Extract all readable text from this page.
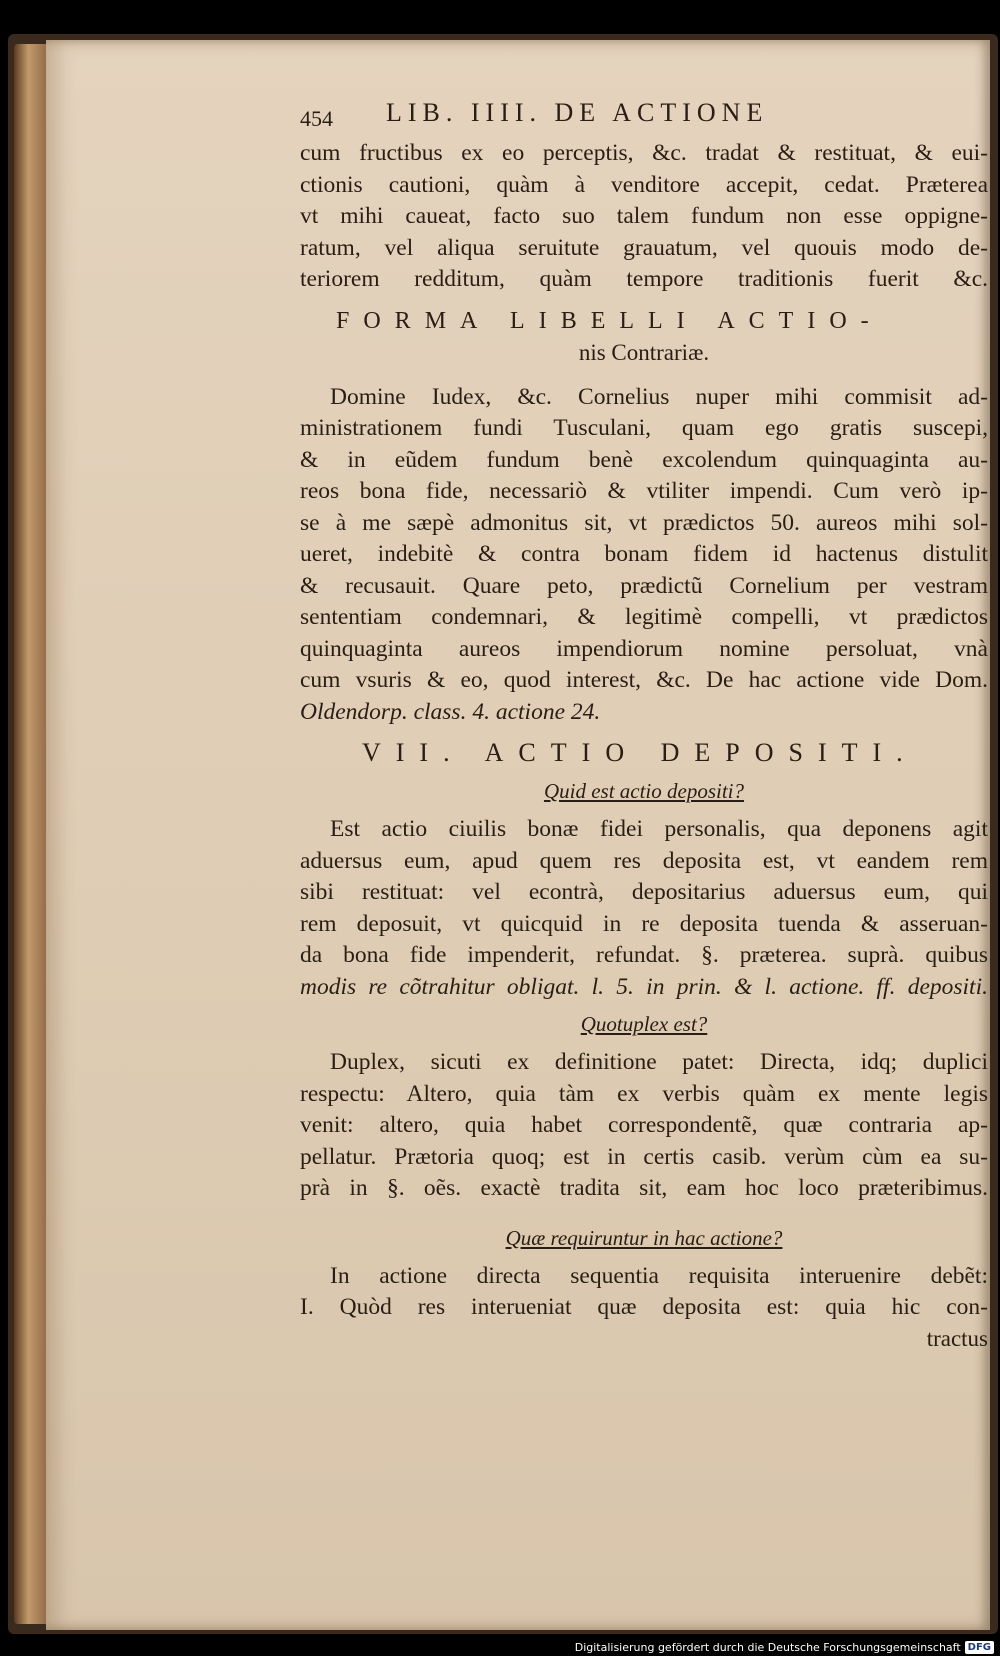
454 LIB. IIII. DE ACTIONE
cum fructibus ex eo perceptis, &c. tradat & restituat, & eui-
ctionis cautioni, quàm à venditore accepit, cedat. Præterea
vt mihi caueat, facto suo talem fundum non esse oppigne-
ratum, vel aliqua seruitute grauatum, vel quouis modo de-
teriorem redditum, quàm tempore traditionis fuerit &c.
FORMA LIBELLI ACTIO-
nis Contrariæ.
Domine Iudex, &c. Cornelius nuper mihi commisit ad-
ministrationem fundi Tusculani, quam ego gratis suscepi,
& in eũdem fundum benè excolendum quinquaginta au-
reos bona fide, necessariò & vtiliter impendi. Cum verò ip-
se à me sæpè admonitus sit, vt prædictos 50. aureos mihi sol-
ueret, indebitè & contra bonam fidem id hactenus distulit
& recusauit. Quare peto, prædictũ Cornelium per vestram
sententiam condemnari, & legitimè compelli, vt prædictos
quinquaginta aureos impendiorum nomine persoluat, vnà
cum vsuris & eo, quod interest, &c. De hac actione vide Dom.
Oldendorp. class. 4. actione 24.
VII. ACTIO DEPOSITI.
Quid est actio depositi?
Est actio ciuilis bonæ fidei personalis, qua deponens agit
aduersus eum, apud quem res deposita est, vt eandem rem
sibi restituat: vel econtrà, depositarius aduersus eum, qui
rem deposuit, vt quicquid in re deposita tuenda & asseruan-
da bona fide impenderit, refundat. §. præterea. suprà. quibus
modis re cõtrahitur obligat. l. 5. in prin. & l. actione. ff. depositi.
Quotuplex est?
Duplex, sicuti ex definitione patet: Directa, idq; duplici
respectu: Altero, quia tàm ex verbis quàm ex mente legis
venit: altero, quia habet correspondentẽ, quæ contraria ap-
pellatur. Prætoria quoq; est in certis casib. verùm cùm ea su-
prà in §. oẽs. exactè tradita sit, eam hoc loco præteribimus.
Quæ requiruntur in hac actione?
In actione directa sequentia requisita interuenire debẽt:
I. Quòd res interueniat quæ deposita est: quia hic con-
tractus
Digitalisierung gefördert durch die Deutsche Forschungsgemeinschaft DFG
